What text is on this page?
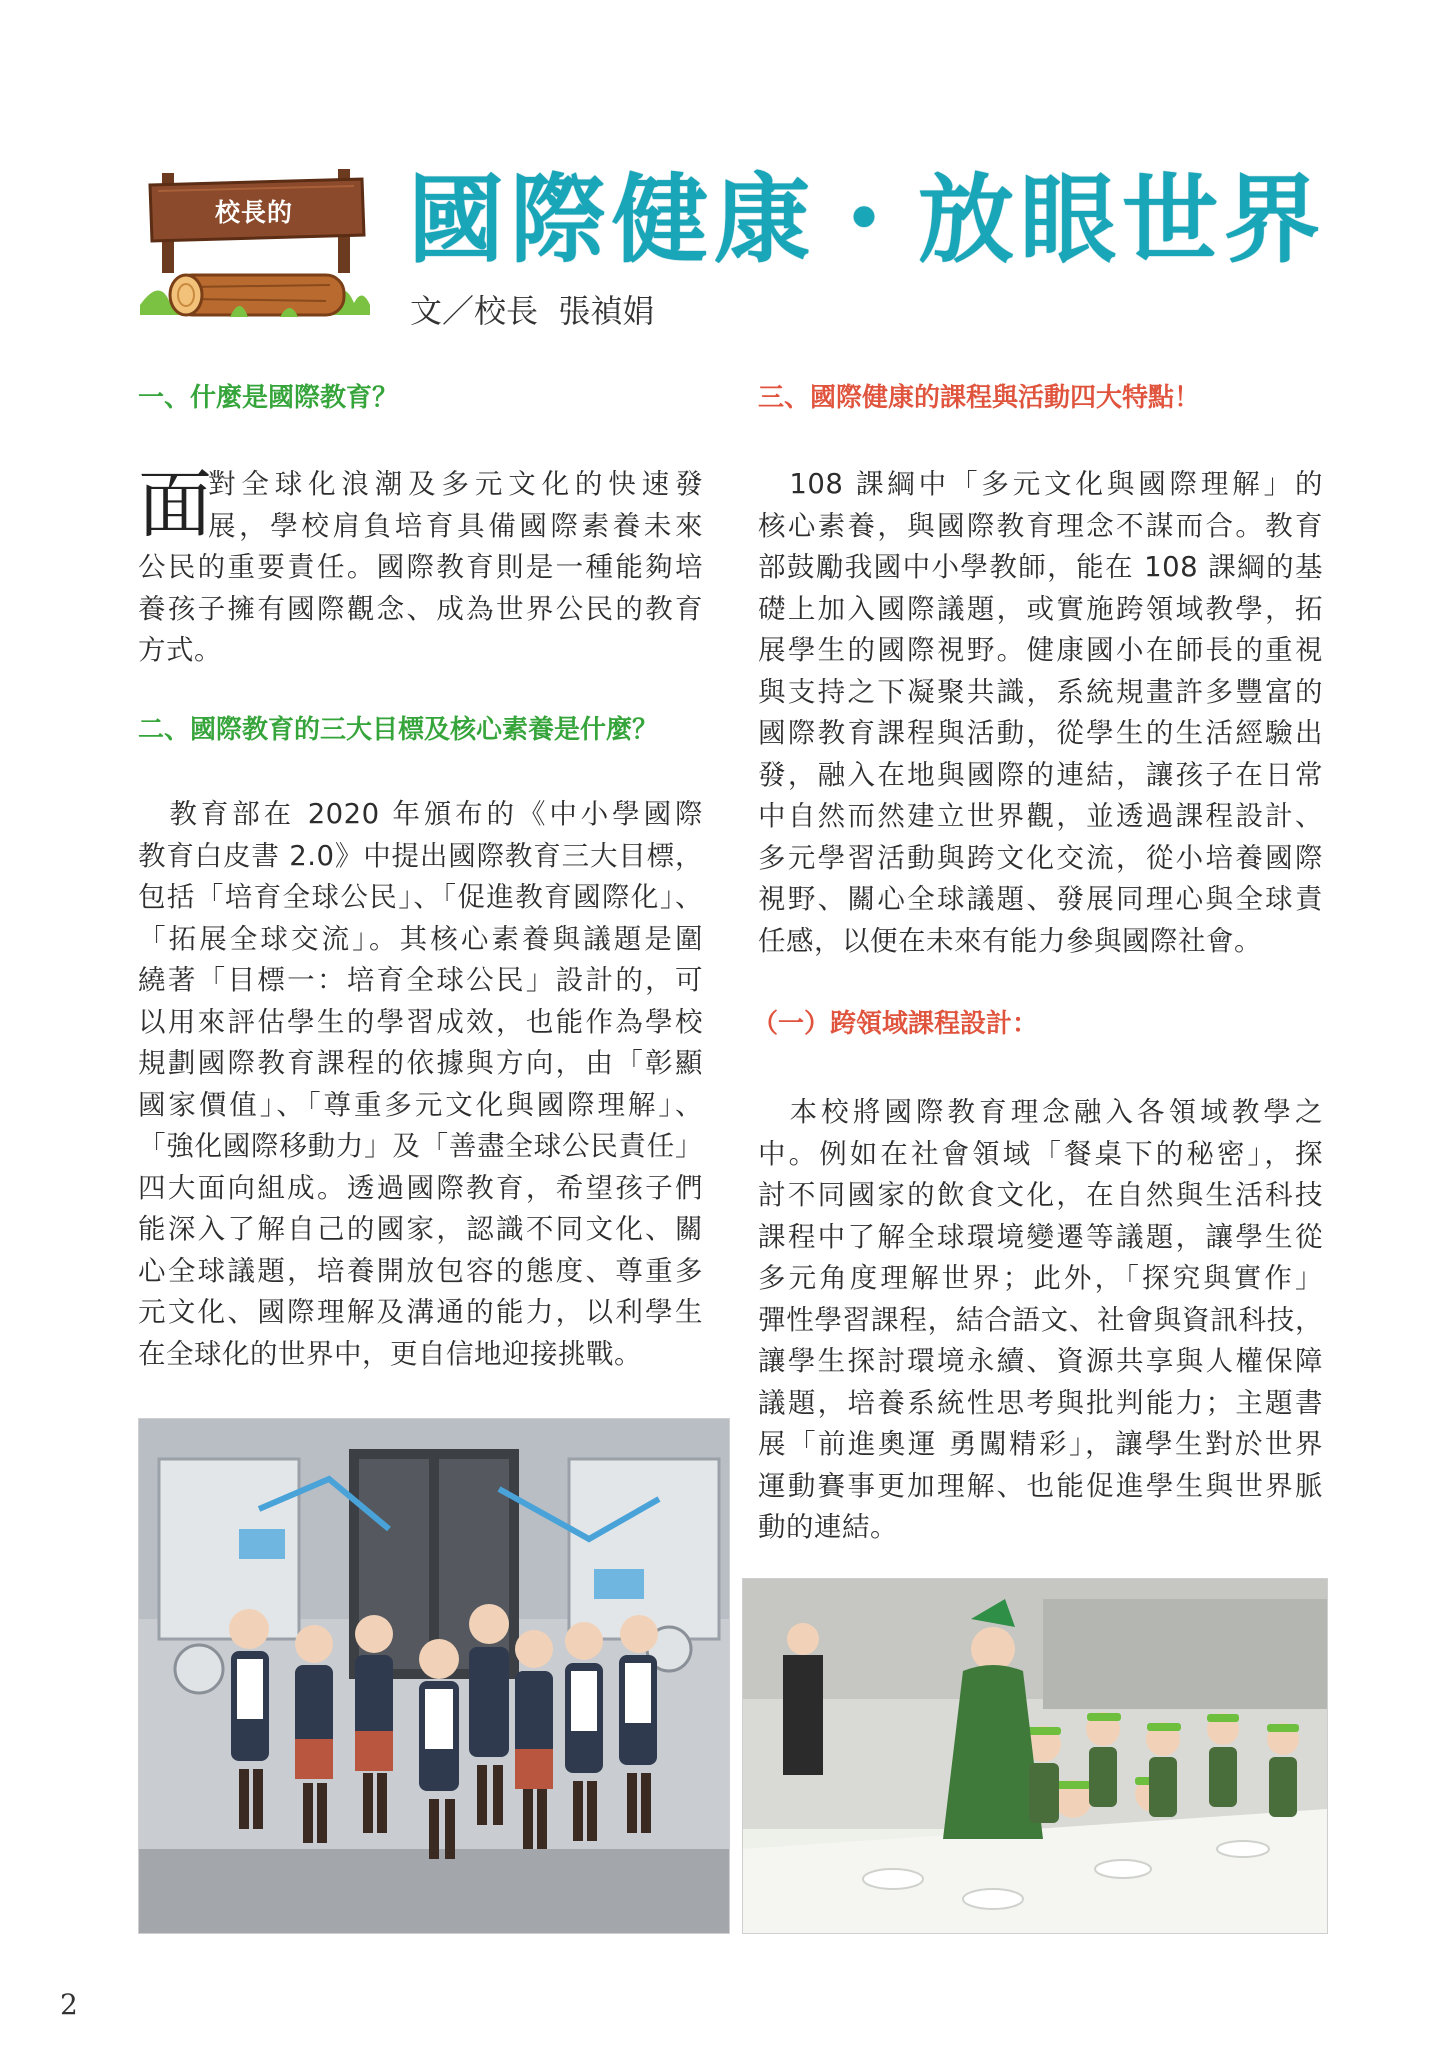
校長的話	國際健康・放眼世界
文／校長  張禎娟
一、什麼是國際教育？
面
對全球化浪潮及多元文化的快速發
展，學校肩負培育具備國際素養未來
公民的重要責任。國際教育則是一種能夠培
養孩子擁有國際觀念、成為世界公民的教育
方式。
二、國際教育的三大目標及核心素養是什麼？
　教育部在 2020 年頒布的《中小學國際
教育白皮書 2.0》中提出國際教育三大目標，
包括「培育全球公民」、「促進教育國際化」、
「拓展全球交流」。其核心素養與議題是圍
繞著「目標一：培育全球公民」設計的，可
以用來評估學生的學習成效，也能作為學校
規劃國際教育課程的依據與方向，由「彰顯
國家價值」、「尊重多元文化與國際理解」、
「強化國際移動力」及「善盡全球公民責任」
四大面向組成。透過國際教育，希望孩子們
能深入了解自己的國家，認識不同文化、關
心全球議題，培養開放包容的態度、尊重多
元文化、國際理解及溝通的能力，以利學生
在全球化的世界中，更自信地迎接挑戰。
三、國際健康的課程與活動四大特點！
　108 課綱中「多元文化與國際理解」的
核心素養，與國際教育理念不謀而合。教育
部鼓勵我國中小學教師，能在 108 課綱的基
礎上加入國際議題，或實施跨領域教學，拓
展學生的國際視野。健康國小在師長的重視
與支持之下凝聚共識，系統規畫許多豐富的
國際教育課程與活動，從學生的生活經驗出
發，融入在地與國際的連結，讓孩子在日常
中自然而然建立世界觀，並透過課程設計、
多元學習活動與跨文化交流，從小培養國際
視野、關心全球議題、發展同理心與全球責
任感，以便在未來有能力參與國際社會。
（一）跨領域課程設計：
　本校將國際教育理念融入各領域教學之
中。例如在社會領域「餐桌下的秘密」，探
討不同國家的飲食文化，在自然與生活科技
課程中了解全球環境變遷等議題，讓學生從
多元角度理解世界；此外，「探究與實作」
彈性學習課程，結合語文、社會與資訊科技，
讓學生探討環境永續、資源共享與人權保障
議題，培養系統性思考與批判能力；主題書
展「前進奧運 勇闖精彩」，讓學生對於世界
運動賽事更加理解、也能促進學生與世界脈
動的連結。
2
